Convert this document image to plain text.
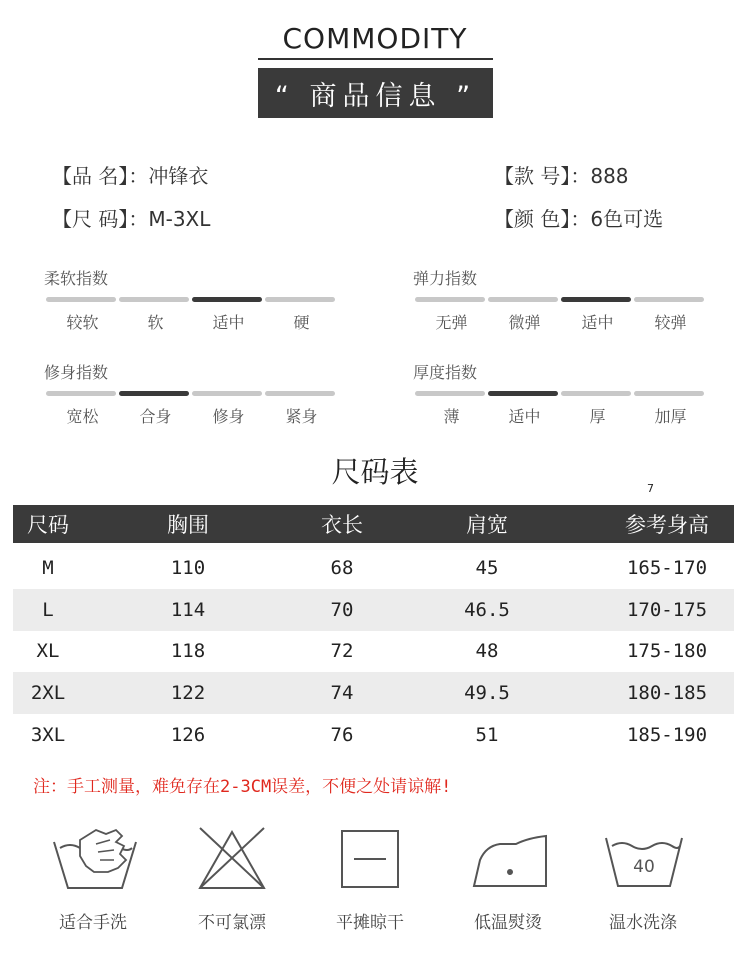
COMMODITY
“ 商品信息 ”
【品 名】：冲锋衣	【款 号】：888
【尺 码】：M-3XL	【颜 色】：6色可选
柔软指数
较软	软	适中	硬
弹力指数
无弹	微弹	适中	较弹
修身指数
宽松	合身	修身	紧身
厚度指数
薄	适中	厚	加厚
尺码表	7
尺码	胸围	衣长	肩宽	参考身高
M	110	68	45	165-170
L	114	70	46.5	170-175
XL	118	72	48	175-180
2XL	122	74	49.5	180-185
3XL	126	76	51	185-190
注：手工测量，难免存在2-3CM误差，不便之处请谅解!
适合手洗	不可氯漂	平摊晾干	低温熨烫
40
温水洗涤
